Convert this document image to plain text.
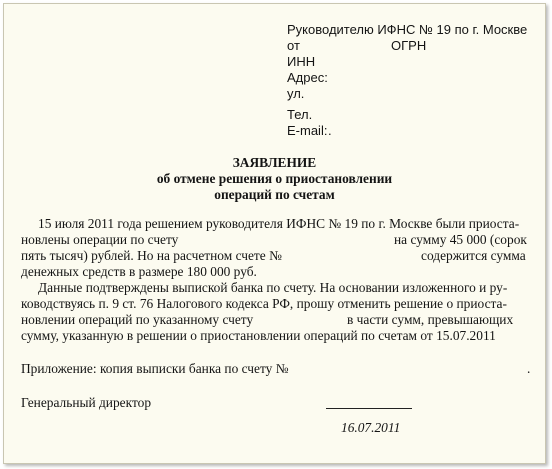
Руководителю ИФНС № 19 по г. Москве
от	ОГРН
ИНН
Адрес:
ул.
Тел.
E-mail: .
ЗАЯВЛЕНИЕ
об отмене решения о приостановлении
операций по счетам
15 июля 2011 года решением руководителя ИФНС № 19 по г. Москве были приоста-
новлены операции по счету	на сумму 45 000 (сорок
пять тысяч) рублей. Но на расчетном счете №	содержится сумма
денежных средств в размере 180 000 руб.
Данные подтверждены выпиской банка по счету. На основании изложенного и ру-
ководствуясь п. 9 ст. 76 Налогового кодекса РФ, прошу отменить решение о приоста-
новлении операций по указанному счету	в части сумм, превышающих
сумму, указанную в решении о приостановлении операций по счетам от 15.07.2011
Приложение: копия выписки банка по счету №	.
Генеральный директор
16.07.2011
